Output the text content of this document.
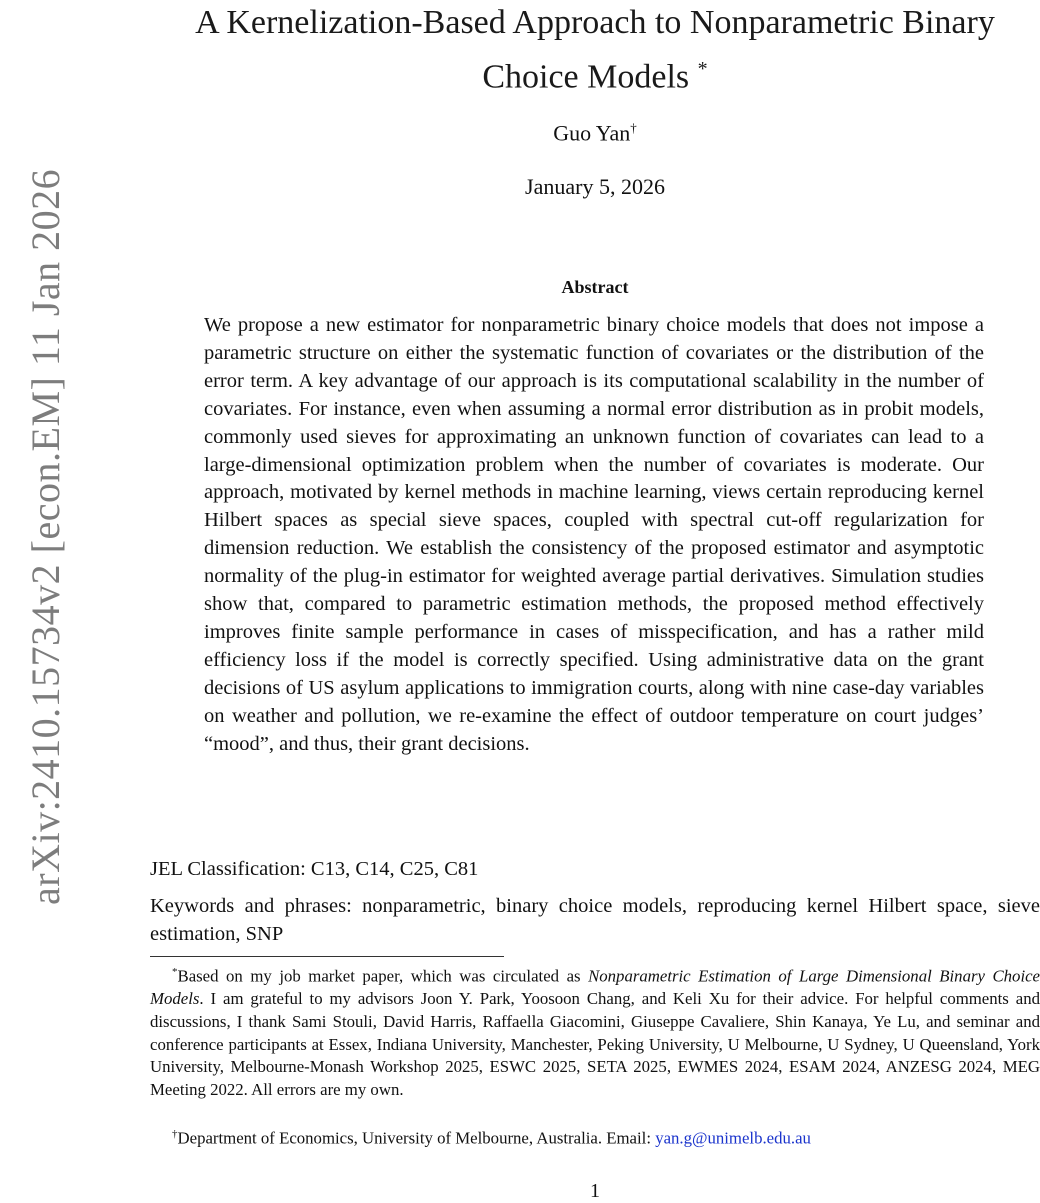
arXiv:2410.15734v2 [econ.EM] 11 Jan 2026
A Kernelization-Based Approach to Nonparametric Binary
Choice Models *
Guo Yan†
January 5, 2026
Abstract
We propose a new estimator for nonparametric binary choice models that does not impose a parametric structure on either the systematic function of covariates or the distribution of the error term. A key advantage of our approach is its computational scalability in the number of covariates. For instance, even when assuming a normal error distribution as in probit models, commonly used sieves for approximating an unknown function of covariates can lead to a large-dimensional optimization problem when the number of covariates is moderate. Our approach, motivated by kernel methods in machine learning, views certain reproducing kernel Hilbert spaces as special sieve spaces, coupled with spectral cut-off regularization for dimension reduction. We establish the consistency of the proposed estimator and asymptotic normality of the plug-in estimator for weighted average partial derivatives. Simulation studies show that, compared to parametric estimation methods, the proposed method effectively improves finite sample performance in cases of misspecification, and has a rather mild efficiency loss if the model is correctly specified. Using administrative data on the grant decisions of US asylum applications to immigration courts, along with nine case-day variables on weather and pollution, we re-examine the effect of outdoor temperature on court judges’ “mood”, and thus, their grant decisions.
JEL Classification: C13, C14, C25, C81
Keywords and phrases: nonparametric, binary choice models, reproducing kernel Hilbert space, sieve estimation, SNP
*Based on my job market paper, which was circulated as Nonparametric Estimation of Large Dimensional Binary Choice Models. I am grateful to my advisors Joon Y. Park, Yoosoon Chang, and Keli Xu for their advice. For helpful comments and discussions, I thank Sami Stouli, David Harris, Raffaella Giacomini, Giuseppe Cavaliere, Shin Kanaya, Ye Lu, and seminar and conference participants at Essex, Indiana University, Manchester, Peking University, U Melbourne, U Sydney, U Queensland, York University, Melbourne-Monash Workshop 2025, ESWC 2025, SETA 2025, EWMES 2024, ESAM 2024, ANZESG 2024, MEG Meeting 2022. All errors are my own.
†Department of Economics, University of Melbourne, Australia. Email: yan.g@unimelb.edu.au
1
